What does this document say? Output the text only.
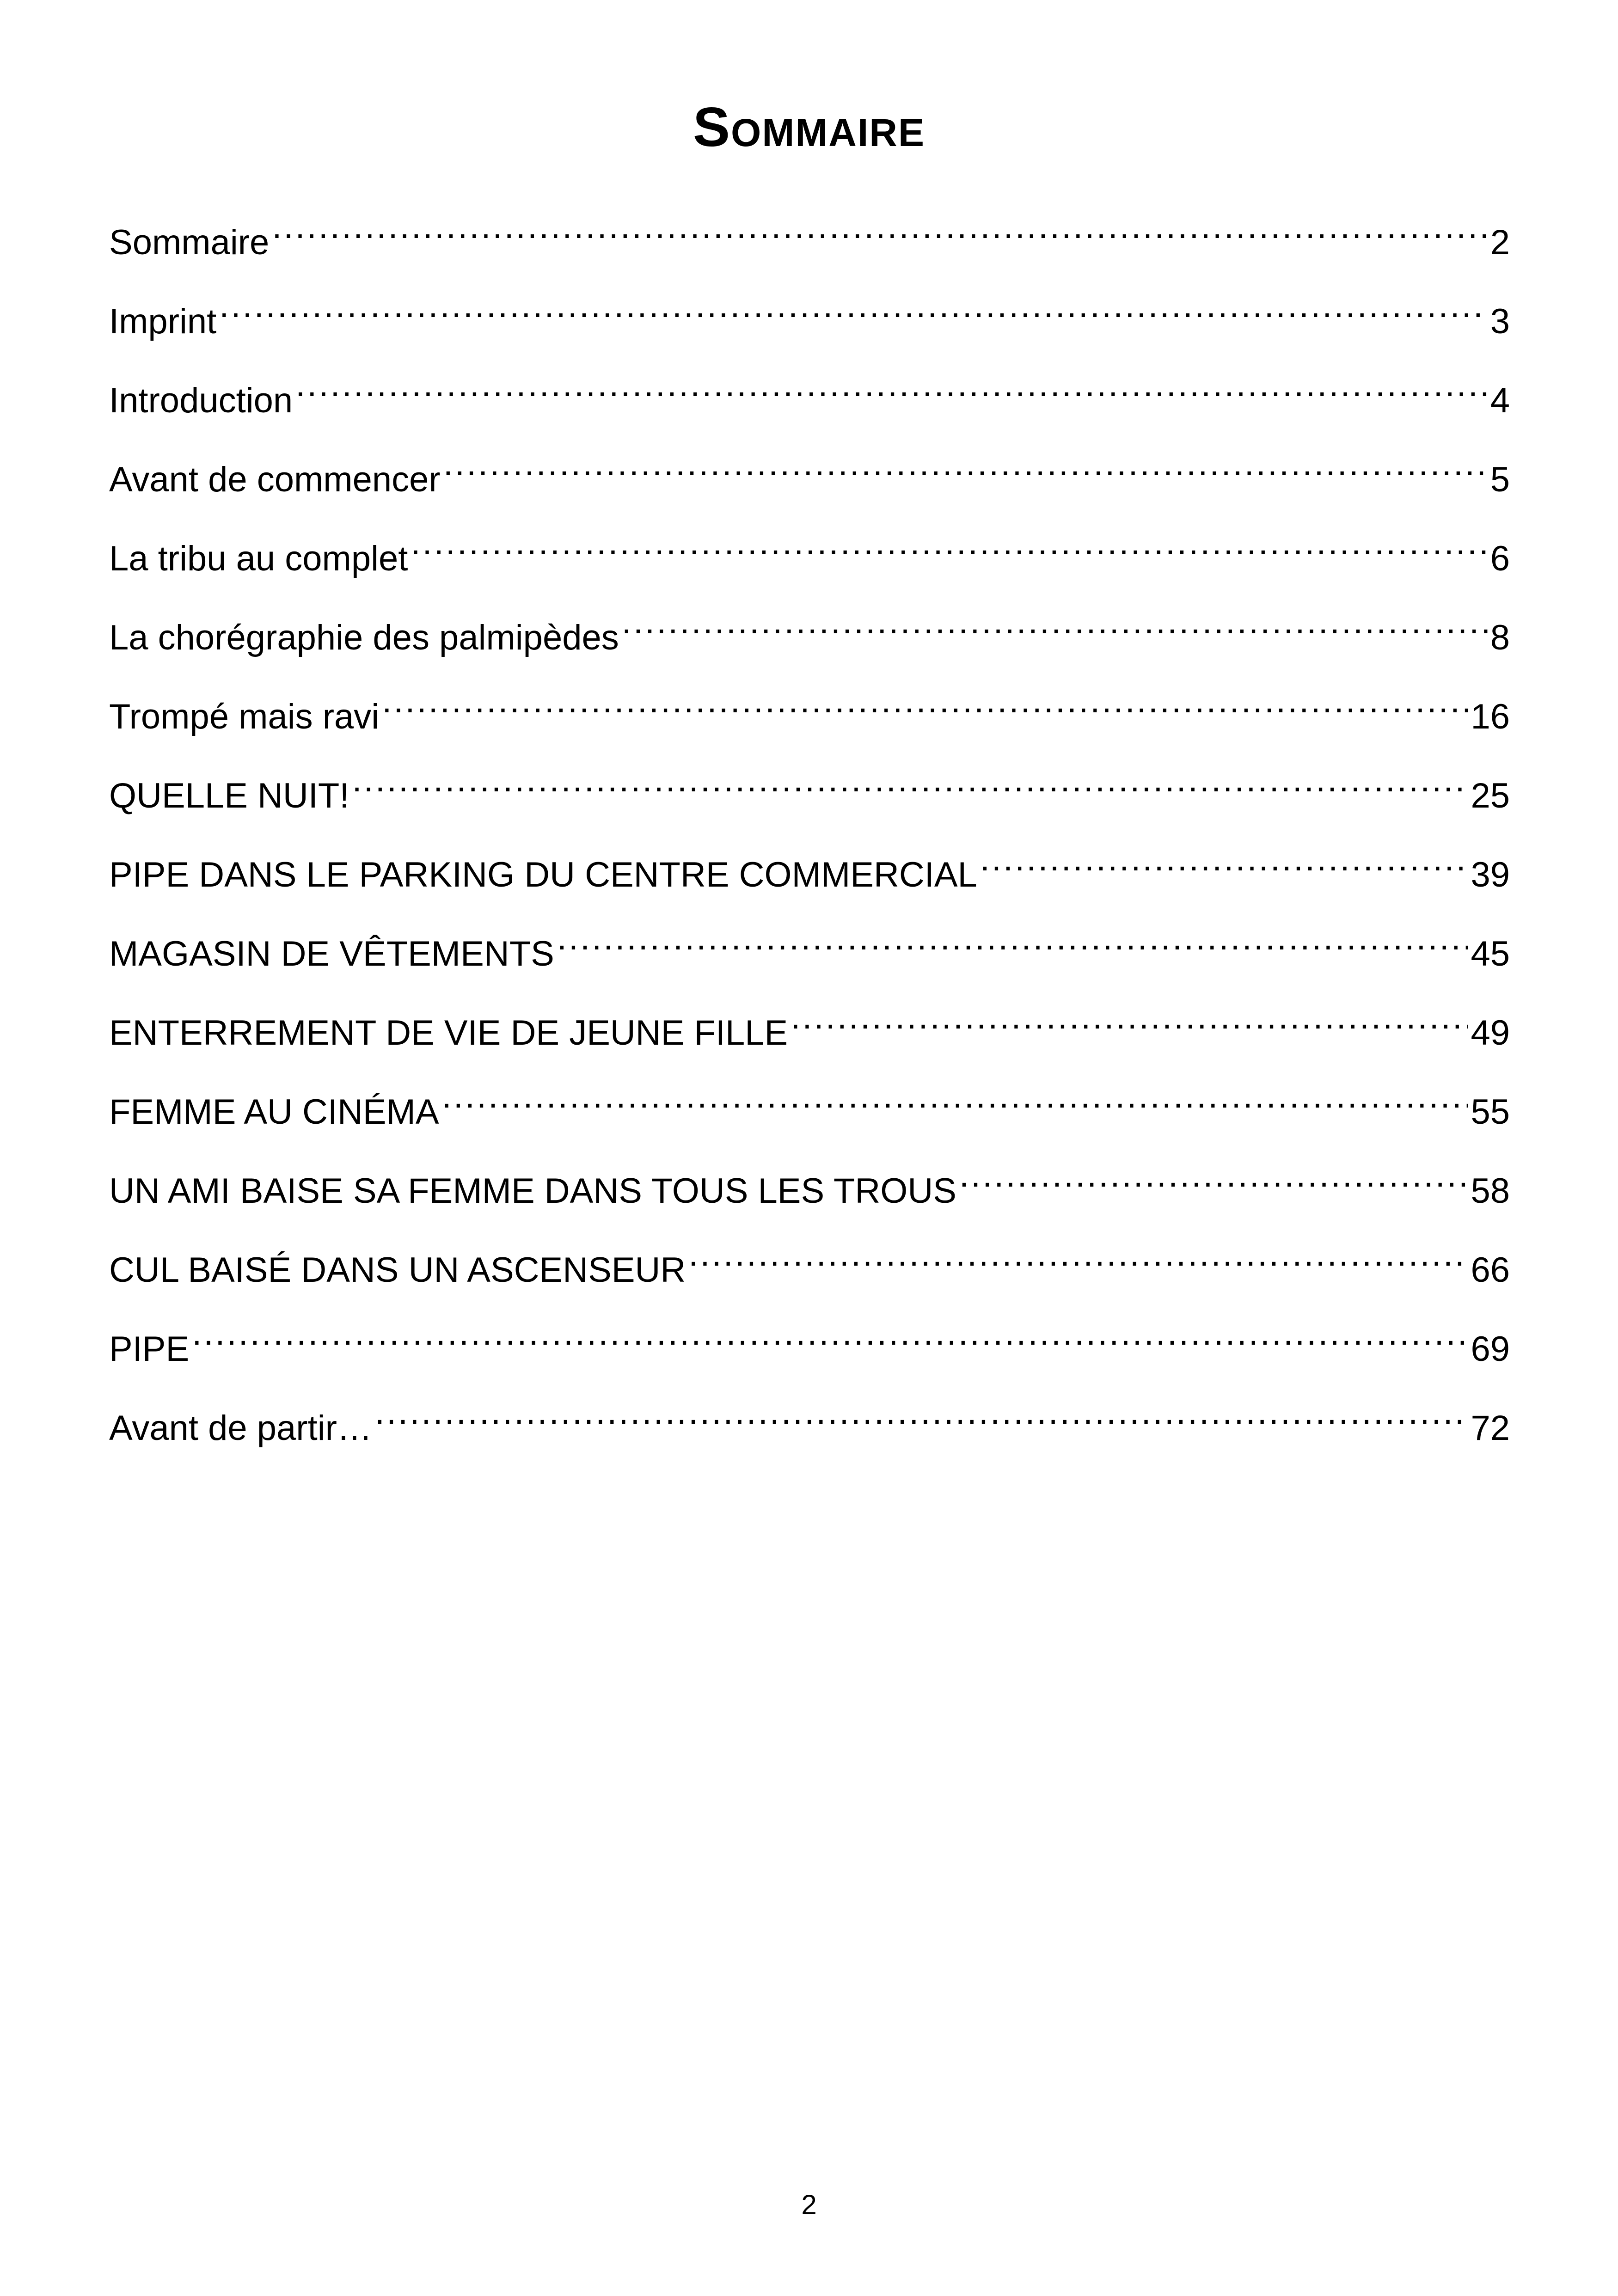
Sommaire
Sommaire .....	2
Imprint .....	3
Introduction .....	4
Avant de commencer .....	5
La tribu au complet .....	6
La chorégraphie des palmipèdes .....	8
Trompé mais ravi .....	16
QUELLE NUIT! .....	25
PIPE DANS LE PARKING DU CENTRE COMMERCIAL .....	39
MAGASIN DE VÊTEMENTS .....	45
ENTERREMENT DE VIE DE JEUNE FILLE .....	49
FEMME AU CINÉMA .....	55
UN AMI BAISE SA FEMME DANS TOUS LES TROUS .....	58
CUL BAISÉ DANS UN ASCENSEUR .....	66
PIPE .....	69
Avant de partir… .....	72
2
